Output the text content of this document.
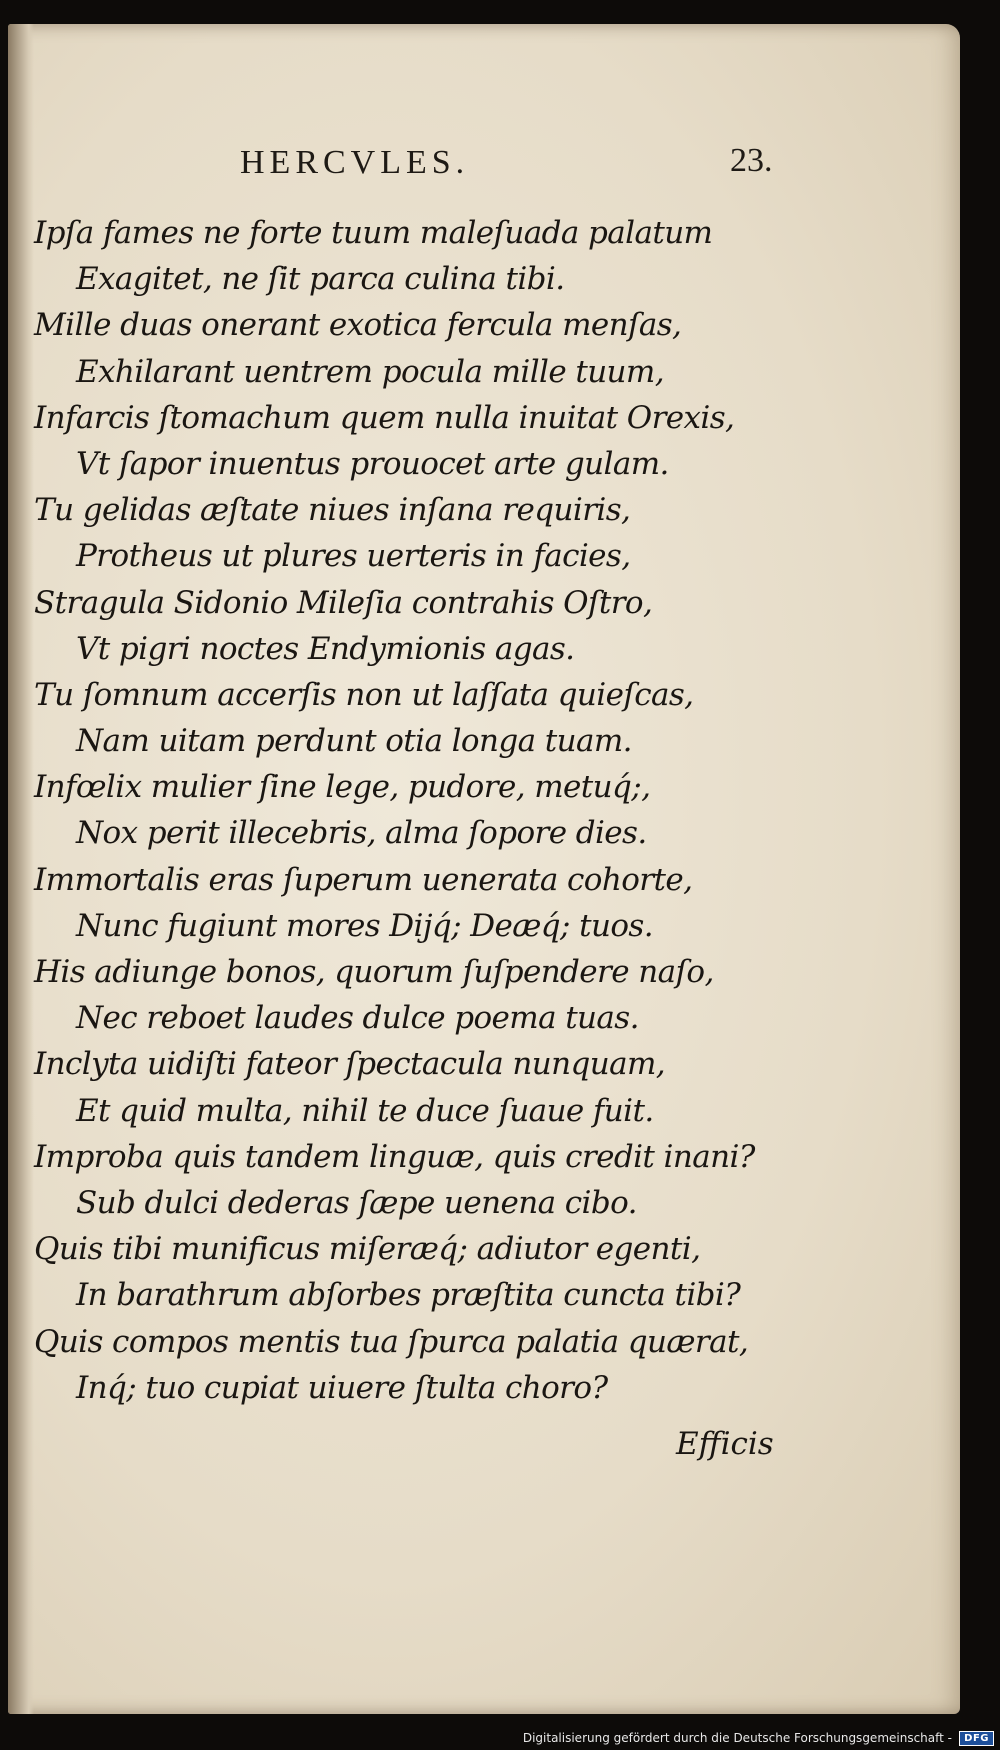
HERCVLES.	23.
Ipſa fames ne forte tuum maleſuada palatum
Exagitet, ne ſit parca culina tibi.
Mille duas onerant exotica fercula menſas,
Exhilarant uentrem pocula mille tuum,
Infarcis ſtomachum quem nulla inuitat Orexis,
Vt ſapor inuentus prouocet arte gulam.
Tu gelidas æſtate niues inſana requiris,
Protheus ut plures uerteris in facies,
Stragula Sidonio Mileſia contrahis Oſtro,
Vt pigri noctes Endymionis agas.
Tu ſomnum accerſis non ut laſſata quieſcas,
Nam uitam perdunt otia longa tuam.
Infœlix mulier ſine lege, pudore, metuq́;,
Nox perit illecebris, alma ſopore dies.
Immortalis eras ſuperum uenerata cohorte,
Nunc fugiunt mores Dijq́; Deæq́; tuos.
His adiunge bonos, quorum ſuſpendere naſo,
Nec reboet laudes dulce poema tuas.
Inclyta uidiſti fateor ſpectacula nunquam,
Et quid multa, nihil te duce ſuaue fuit.
Improba quis tandem linguæ, quis credit inani?
Sub dulci dederas ſæpe uenena cibo.
Quis tibi munificus miſeræq́; adiutor egenti,
In barathrum abſorbes præſtita cuncta tibi?
Quis compos mentis tua ſpurca palatia quærat,
Inq́; tuo cupiat uiuere ſtulta choro?
Efficis
Digitalisierung gefördert durch die Deutsche Forschungsgemeinschaft -	DFG
